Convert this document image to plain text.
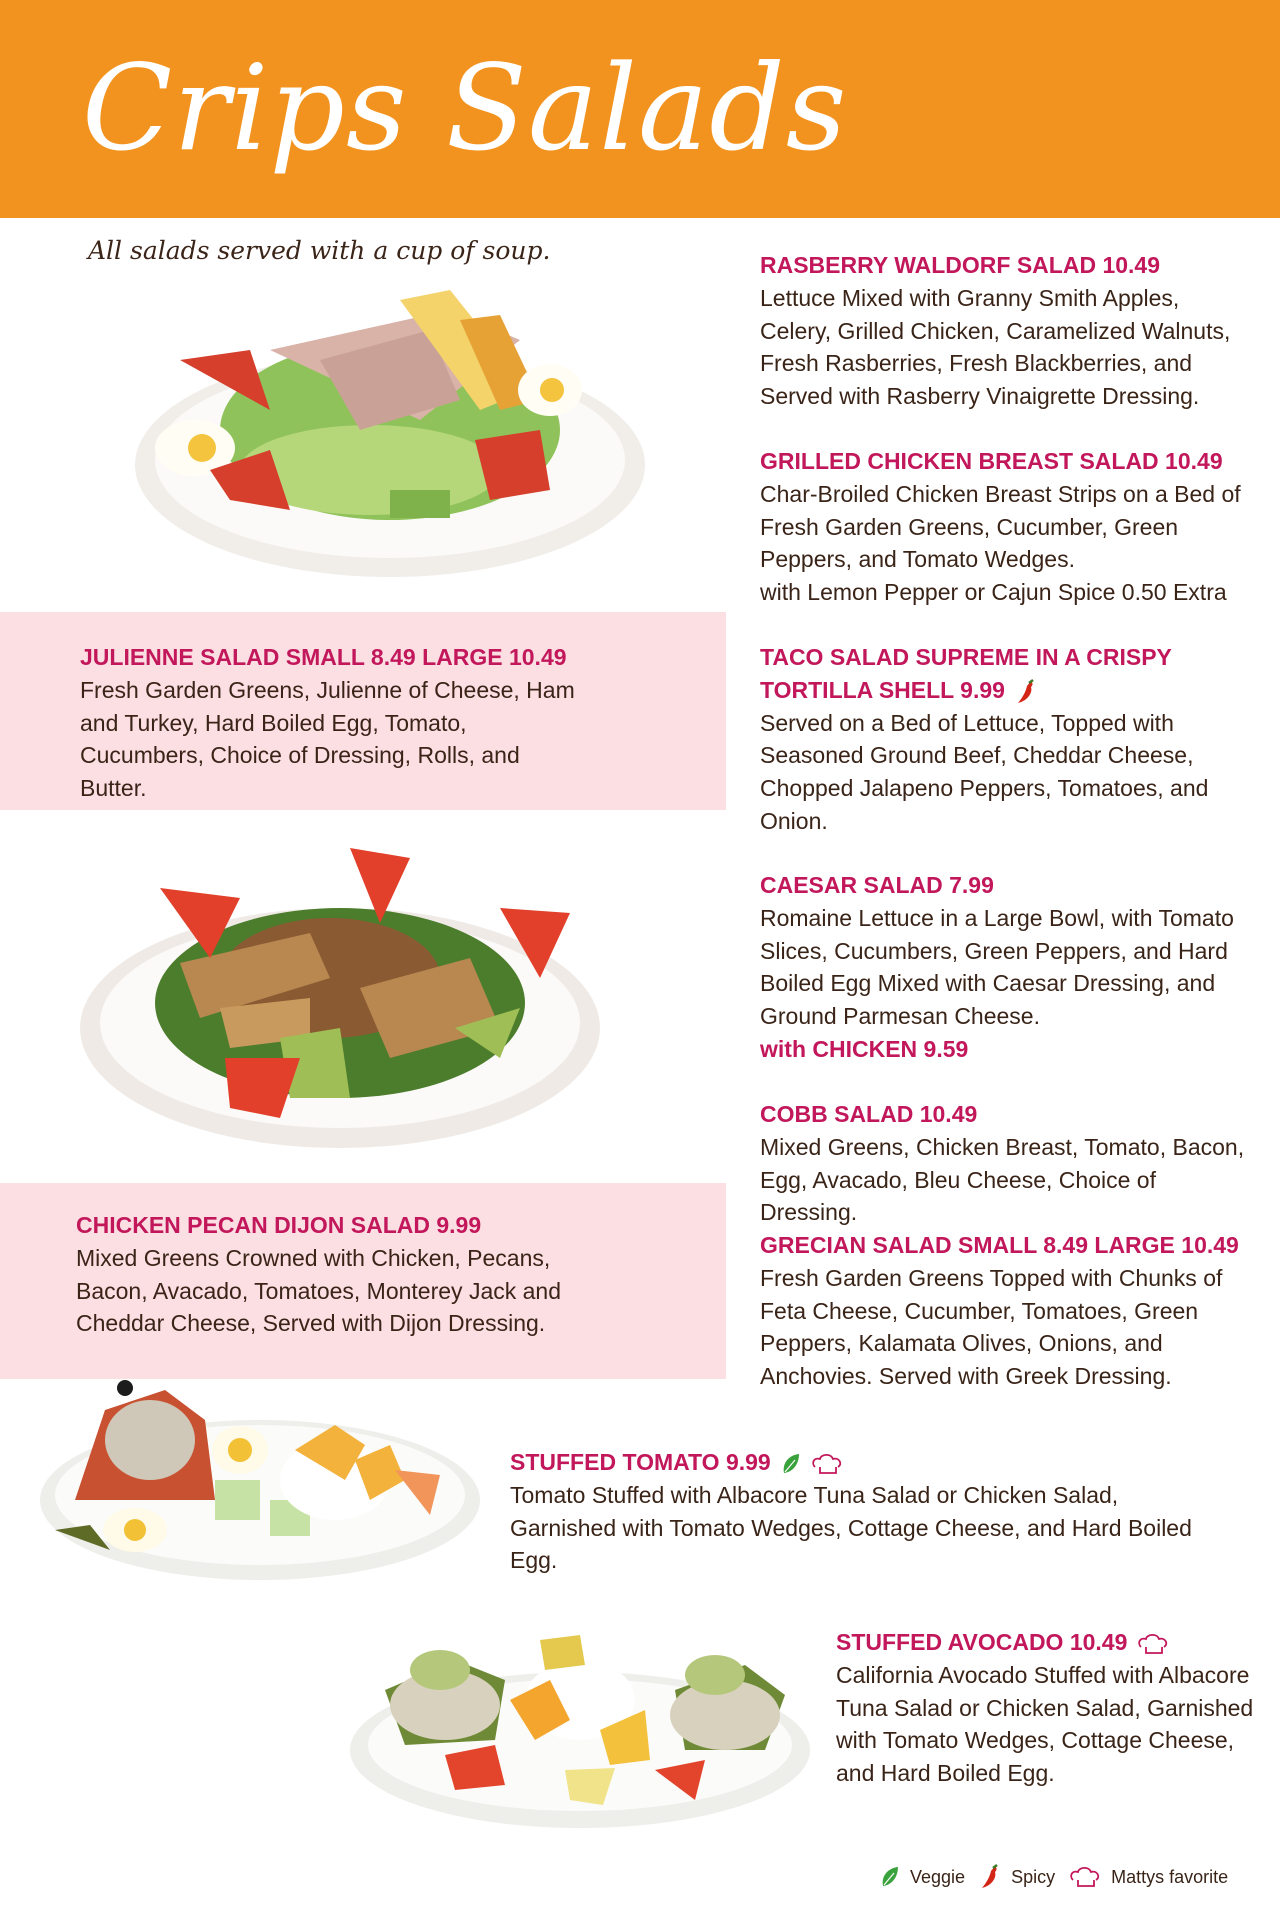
Crips Salads
All salads served with a cup of soup.	RASBERRY WALDORF SALAD 10.49
Lettuce Mixed with Granny Smith Apples, Celery, Grilled Chicken, Caramelized Walnuts, Fresh Rasberries, Fresh Blackberries, and Served with Rasberry Vinaigrette Dressing.
GRILLED CHICKEN BREAST SALAD 10.49
Char-Broiled Chicken Breast Strips on a Bed of Fresh Garden Greens, Cucumber, Green Peppers, and Tomato Wedges.
with Lemon Pepper or Cajun Spice 0.50 Extra
JULIENNE SALAD SMALL 8.49 LARGE 10.49
Fresh Garden Greens, Julienne of Cheese, Ham and Turkey, Hard Boiled Egg, Tomato, Cucumbers, Choice of Dressing, Rolls, and Butter.
TACO SALAD SUPREME IN A CRISPY
TORTILLA SHELL 9.99
Served on a Bed of Lettuce, Topped with Seasoned Ground Beef, Cheddar Cheese, Chopped Jalapeno Peppers, Tomatoes, and Onion.
CAESAR SALAD 7.99
Romaine Lettuce in a Large Bowl, with Tomato Slices, Cucumbers, Green Peppers, and Hard Boiled Egg Mixed with Caesar Dressing, and Ground Parmesan Cheese.
with CHICKEN 9.59
COBB SALAD 10.49
Mixed Greens, Chicken Breast, Tomato, Bacon, Egg, Avacado, Bleu Cheese, Choice of Dressing.
CHICKEN PECAN DIJON SALAD 9.99
Mixed Greens Crowned with Chicken, Pecans, Bacon, Avacado, Tomatoes, Monterey Jack and Cheddar Cheese, Served with Dijon Dressing.
GRECIAN SALAD SMALL 8.49 LARGE 10.49
Fresh Garden Greens Topped with Chunks of Feta Cheese, Cucumber, Tomatoes, Green Peppers, Kalamata Olives, Onions, and Anchovies. Served with Greek Dressing.
STUFFED TOMATO 9.99
Tomato Stuffed with Albacore Tuna Salad or Chicken Salad, Garnished with Tomato Wedges, Cottage Cheese, and Hard Boiled Egg.
STUFFED AVOCADO 10.49
California Avocado Stuffed with Albacore Tuna Salad or Chicken Salad, Garnished with Tomato Wedges, Cottage Cheese, and Hard Boiled Egg.
Veggie	Spicy	Mattys favorite
